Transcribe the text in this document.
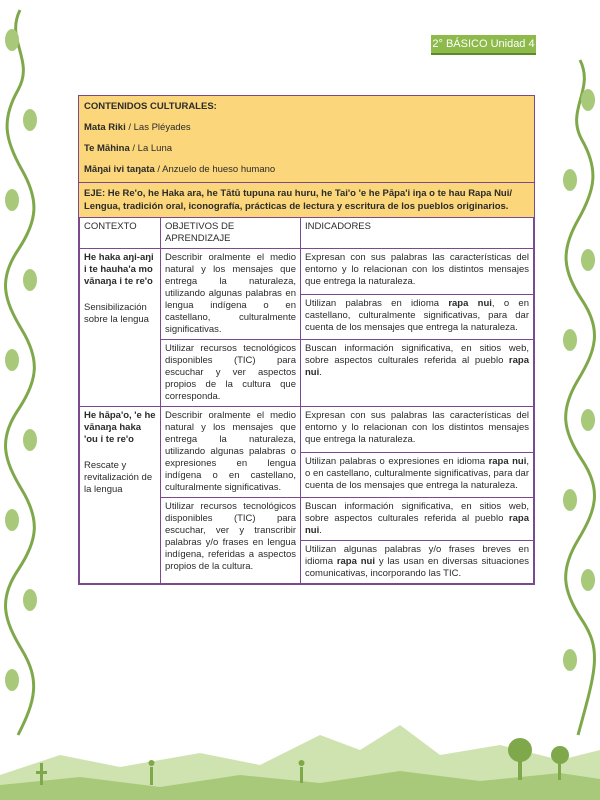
2° BÁSICO Unidad 4

CONTENIDOS CULTURALES:

Mata Riki / Las Pléyades

Te Māhina / La Luna

Māŋai ivi taŋata / Anzuelo de hueso humano

EJE: He Re'o, he Haka ara, he Tātū tupuna rau huru, he Tai'o 'e he Pāpa'i iŋa o te hau Rapa Nui/ Lengua, tradición oral, iconografía, prácticas de lectura y escritura de los pueblos originarios.
CONTEXTO	OBJETIVOS DE APRENDIZAJE	INDICADORES

He haka aŋi-aŋi i te hauha'a mo vānaŋa i te re'o
Sensibilización sobre la lengua	Describir oralmente el medio natural y los mensajes que entrega la naturaleza, utilizando algunas palabras en lengua indígena o en castellano, culturalmente significativas.	Expresan con sus palabras las características del entorno y lo relacionan con los distintos mensajes que entrega la naturaleza.
		Utilizan palabras en idioma rapa nui, o en castellano, culturalmente significativas, para dar cuenta de los mensajes que entrega la naturaleza.
	Utilizar recursos tecnológicos disponibles (TIC) para escuchar y ver aspectos propios de la cultura que corresponda.	Buscan información significativa, en sitios web, sobre aspectos culturales referida al pueblo rapa nui.

He hāpa'o, 'e he vānaŋa haka 'ou i te re'o
Rescate y revitalización de la lengua	Describir oralmente el medio natural y los mensajes que entrega la naturaleza, utilizando algunas palabras o expresiones en lengua indígena o en castellano, culturalmente significativas.	Expresan con sus palabras las características del entorno y lo relacionan con los distintos mensajes que entrega la naturaleza.
		Utilizan palabras o expresiones en idioma rapa nui, o en castellano, culturalmente significativas, para dar cuenta de los mensajes que entrega la naturaleza.
	Utilizar recursos tecnológicos disponibles (TIC) para escuchar, ver y transcribir palabras y/o frases en lengua indígena, referidas a aspectos propios de la cultura.	Buscan información significativa, en sitios web, sobre aspectos culturales referida al pueblo rapa nui.
		Utilizan algunas palabras y/o frases breves en idioma rapa nui y las usan en diversas situaciones comunicativas, incorporando las TIC.
